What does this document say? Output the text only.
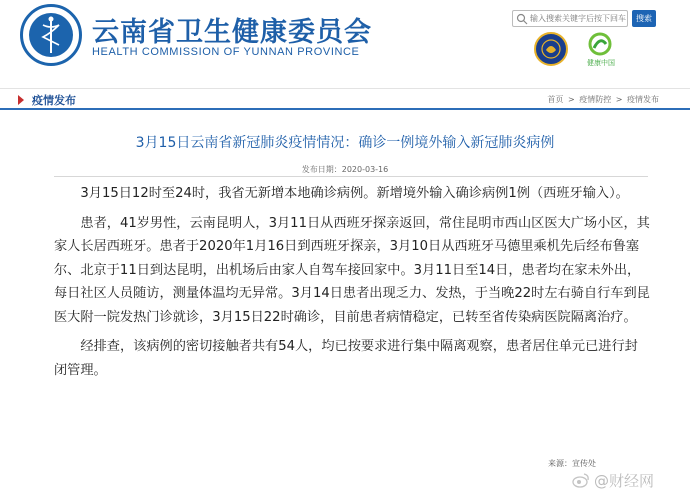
云南省卫生健康委员会
HEALTH COMMISSION OF YUNNAN PROVINCE
输入搜索关键字后按下回车
搜索
健康中国
疫情发布	首页 > 疫情防控 > 疫情发布
3月15日云南省新冠肺炎疫情情况：确诊一例境外输入新冠肺炎病例
发布日期：2020-03-16

3月15日12时至24时，我省无新增本地确诊病例。新增境外输入确诊病例1例（西班牙输入）。

患者，41岁男性，云南昆明人，3月11日从西班牙探亲返回，常住昆明市西山区医大广场小区，其家人长居西班牙。患者于2020年1月16日到西班牙探亲，3月10日从西班牙马德里乘机先后经布鲁塞尔、北京于11日到达昆明，出机场后由家人自驾车接回家中。3月11日至14日，患者均在家未外出，每日社区人员随访，测量体温均无异常。3月14日患者出现乏力、发热，于当晚22时左右骑自行车到昆医大附一院发热门诊就诊，3月15日22时确诊，目前患者病情稳定，已转至省传染病医院隔离治疗。

经排查，该病例的密切接触者共有54人，均已按要求进行集中隔离观察，患者居住单元已进行封闭管理。

来源：宣传处
@财经网
